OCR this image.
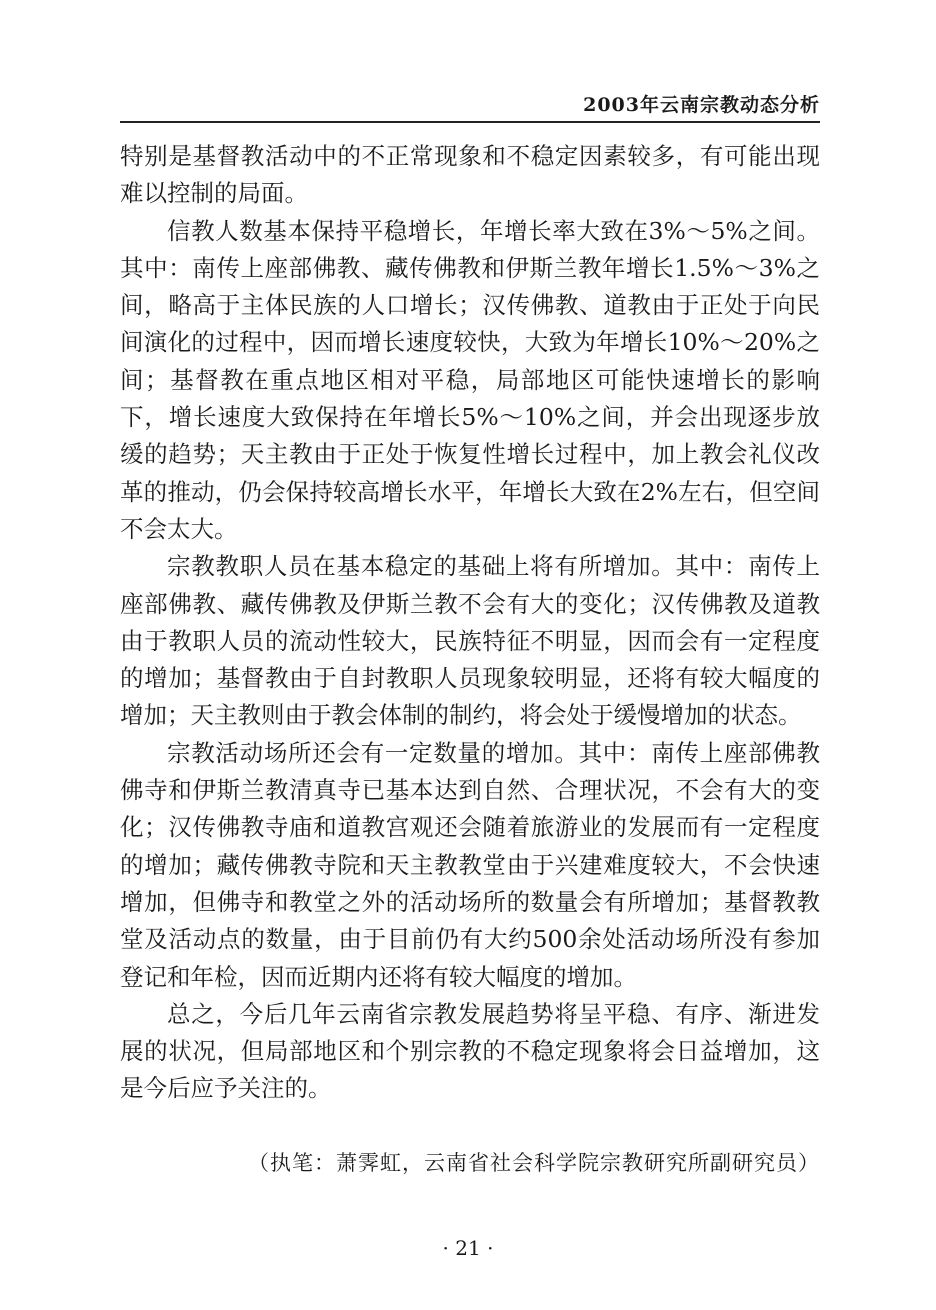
2003年云南宗教动态分析

特别是基督教活动中的不正常现象和不稳定因素较多，有可能出现难以控制的局面。

信教人数基本保持平稳增长，年增长率大致在3%～5%之间。其中：南传上座部佛教、藏传佛教和伊斯兰教年增长1.5%～3%之间，略高于主体民族的人口增长；汉传佛教、道教由于正处于向民间演化的过程中，因而增长速度较快，大致为年增长10%～20%之间；基督教在重点地区相对平稳，局部地区可能快速增长的影响下，增长速度大致保持在年增长5%～10%之间，并会出现逐步放缓的趋势；天主教由于正处于恢复性增长过程中，加上教会礼仪改革的推动，仍会保持较高增长水平，年增长大致在2%左右，但空间不会太大。

宗教教职人员在基本稳定的基础上将有所增加。其中：南传上座部佛教、藏传佛教及伊斯兰教不会有大的变化；汉传佛教及道教由于教职人员的流动性较大，民族特征不明显，因而会有一定程度的增加；基督教由于自封教职人员现象较明显，还将有较大幅度的增加；天主教则由于教会体制的制约，将会处于缓慢增加的状态。

宗教活动场所还会有一定数量的增加。其中：南传上座部佛教佛寺和伊斯兰教清真寺已基本达到自然、合理状况，不会有大的变化；汉传佛教寺庙和道教宫观还会随着旅游业的发展而有一定程度的增加；藏传佛教寺院和天主教教堂由于兴建难度较大，不会快速增加，但佛寺和教堂之外的活动场所的数量会有所增加；基督教教堂及活动点的数量，由于目前仍有大约500余处活动场所没有参加登记和年检，因而近期内还将有较大幅度的增加。

总之，今后几年云南省宗教发展趋势将呈平稳、有序、渐进发展的状况，但局部地区和个别宗教的不稳定现象将会日益增加，这是今后应予关注的。

（执笔：萧霁虹，云南省社会科学院宗教研究所副研究员）
· 21 ·
